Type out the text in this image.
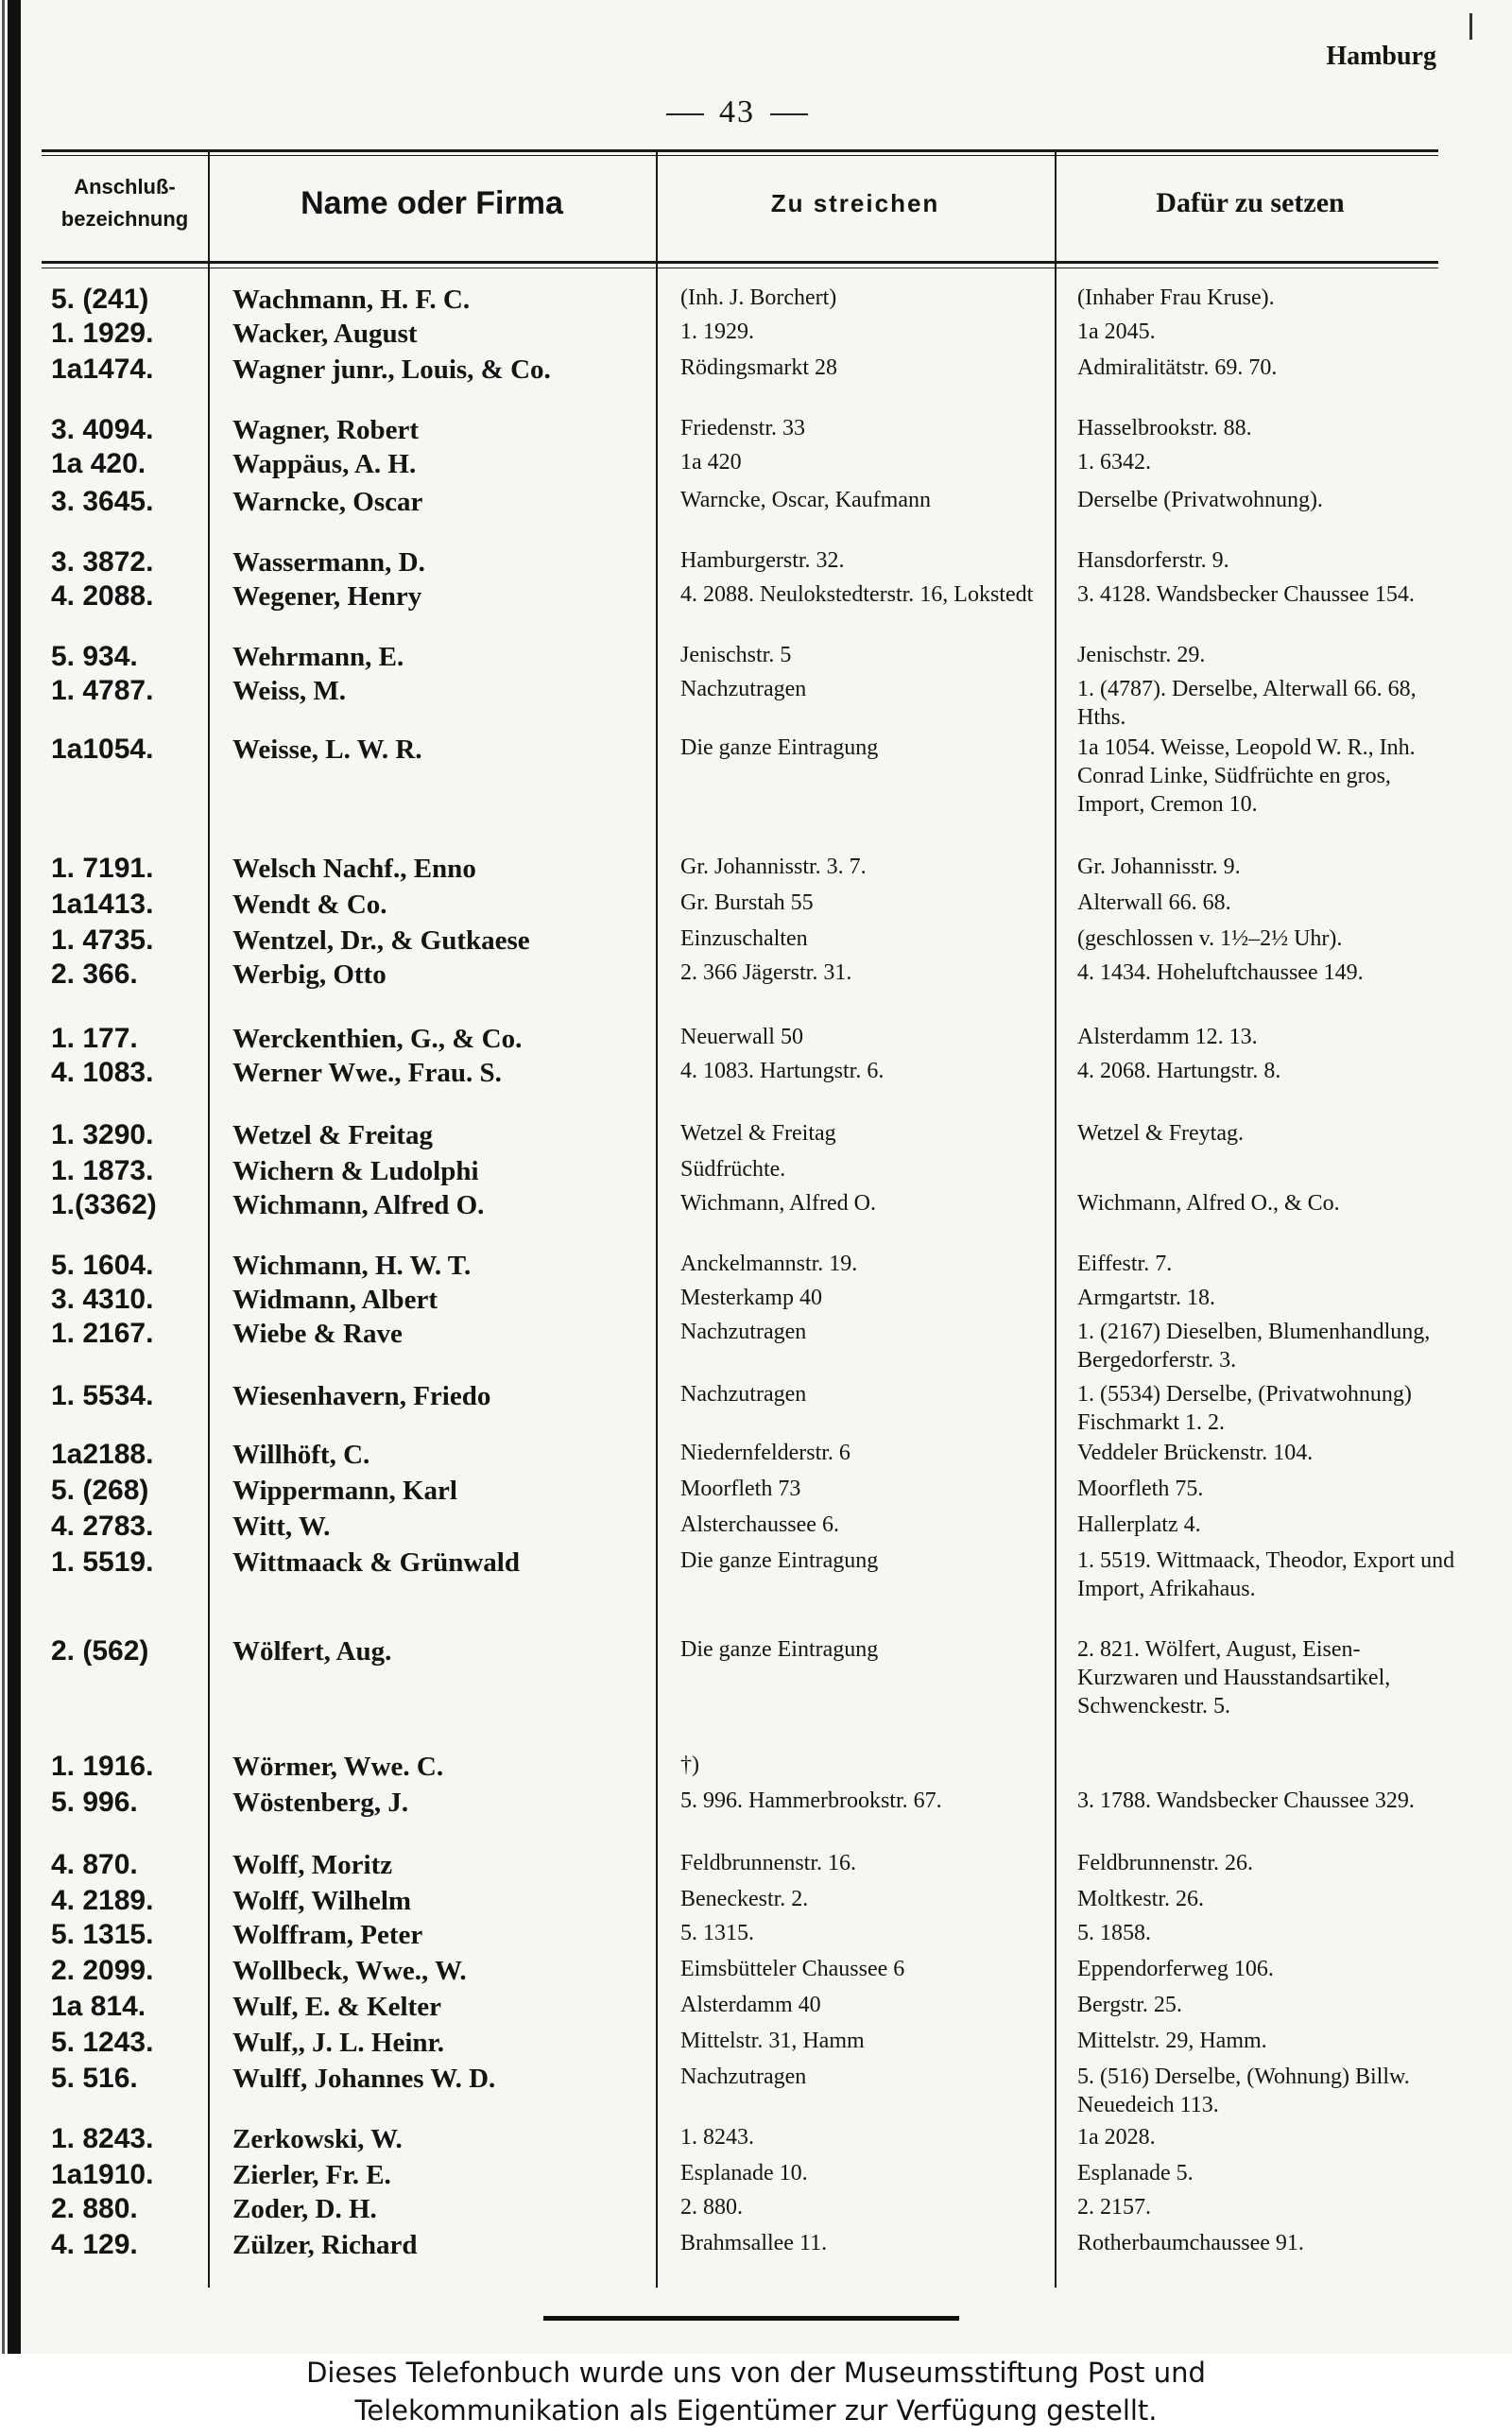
Hamburg
43
Anschluß-
bezeichnung	Name oder Firma	Zu streichen	Dafür zu setzen
5. (241)	Wachmann, H. F. C.	(Inh. J. Borchert)	(Inhaber Frau Kruse).
1. 1929.	Wacker, August	1. 1929.	1a 2045.
1a1474.	Wagner junr., Louis, & Co.	Rödingsmarkt 28	Admiralitätstr. 69. 70.
3. 4094.	Wagner, Robert	Friedenstr. 33	Hasselbrookstr. 88.
1a 420.	Wappäus, A. H.	1a 420	1. 6342.
3. 3645.	Warncke, Oscar	Warncke, Oscar, Kaufmann	Derselbe (Privatwohnung).
3. 3872.	Wassermann, D.	Hamburgerstr. 32.	Hansdorferstr. 9.
4. 2088.	Wegener, Henry	4. 2088. Neulokstedterstr. 16, Lokstedt	3. 4128. Wandsbecker Chaussee 154.
5. 934.	Wehrmann, E.	Jenischstr. 5	Jenischstr. 29.
1. 4787.	Weiss, M.	Nachzutragen	1. (4787). Derselbe, Alterwall 66. 68, Hths.
1a1054.	Weisse, L. W. R.	Die ganze Eintragung	1a 1054. Weisse, Leopold W. R., Inh. Conrad Linke, Südfrüchte en gros, Import, Cremon 10.
1. 7191.	Welsch Nachf., Enno	Gr. Johannisstr. 3. 7.	Gr. Johannisstr. 9.
1a1413.	Wendt & Co.	Gr. Burstah 55	Alterwall 66. 68.
1. 4735.	Wentzel, Dr., & Gutkaese	Einzuschalten	(geschlossen v. 1½–2½ Uhr).
2. 366.	Werbig, Otto	2. 366 Jägerstr. 31.	4. 1434. Hoheluftchaussee 149.
1. 177.	Werckenthien, G., & Co.	Neuerwall 50	Alsterdamm 12. 13.
4. 1083.	Werner Wwe., Frau. S.	4. 1083. Hartungstr. 6.	4. 2068. Hartungstr. 8.
1. 3290.	Wetzel & Freitag	Wetzel & Freitag	Wetzel & Freytag.
1. 1873.	Wichern & Ludolphi	Südfrüchte.
1.(3362)	Wichmann, Alfred O.	Wichmann, Alfred O.	Wichmann, Alfred O., & Co.
5. 1604.	Wichmann, H. W. T.	Anckelmannstr. 19.	Eiffestr. 7.
3. 4310.	Widmann, Albert	Mesterkamp 40	Armgartstr. 18.
1. 2167.	Wiebe & Rave	Nachzutragen	1. (2167) Dieselben, Blumenhandlung, Bergedorferstr. 3.
1. 5534.	Wiesenhavern, Friedo	Nachzutragen	1. (5534) Derselbe, (Privatwohnung) Fischmarkt 1. 2.
1a2188.	Willhöft, C.	Niedernfelderstr. 6	Veddeler Brückenstr. 104.
5. (268)	Wippermann, Karl	Moorfleth 73	Moorfleth 75.
4. 2783.	Witt, W.	Alsterchaussee 6.	Hallerplatz 4.
1. 5519.	Wittmaack & Grünwald	Die ganze Eintragung	1. 5519. Wittmaack, Theodor, Export und Import, Afrikahaus.
2. (562)	Wölfert, Aug.	Die ganze Eintragung	2. 821. Wölfert, August, Eisen-Kurzwaren und Hausstandsartikel, Schwenckestr. 5.
1. 1916.	Wörmer, Wwe. C.	†)
5. 996.	Wöstenberg, J.	5. 996. Hammerbrookstr. 67.	3. 1788. Wandsbecker Chaussee 329.
4. 870.	Wolff, Moritz	Feldbrunnenstr. 16.	Feldbrunnenstr. 26.
4. 2189.	Wolff, Wilhelm	Beneckestr. 2.	Moltkestr. 26.
5. 1315.	Wolffram, Peter	5. 1315.	5. 1858.
2. 2099.	Wollbeck, Wwe., W.	Eimsbütteler Chaussee 6	Eppendorferweg 106.
1a 814.	Wulf, E. & Kelter	Alsterdamm 40	Bergstr. 25.
5. 1243.	Wulf,, J. L. Heinr.	Mittelstr. 31, Hamm	Mittelstr. 29, Hamm.
5. 516.	Wulff, Johannes W. D.	Nachzutragen	5. (516) Derselbe, (Wohnung) Billw. Neuedeich 113.
1. 8243.	Zerkowski, W.	1. 8243.	1a 2028.
1a1910.	Zierler, Fr. E.	Esplanade 10.	Esplanade 5.
2. 880.	Zoder, D. H.	2. 880.	2. 2157.
4. 129.	Zülzer, Richard	Brahmsallee 11.	Rotherbaumchaussee 91.
Dieses Telefonbuch wurde uns von der Museumsstiftung Post und
Telekommunikation als Eigentümer zur Verfügung gestellt.
